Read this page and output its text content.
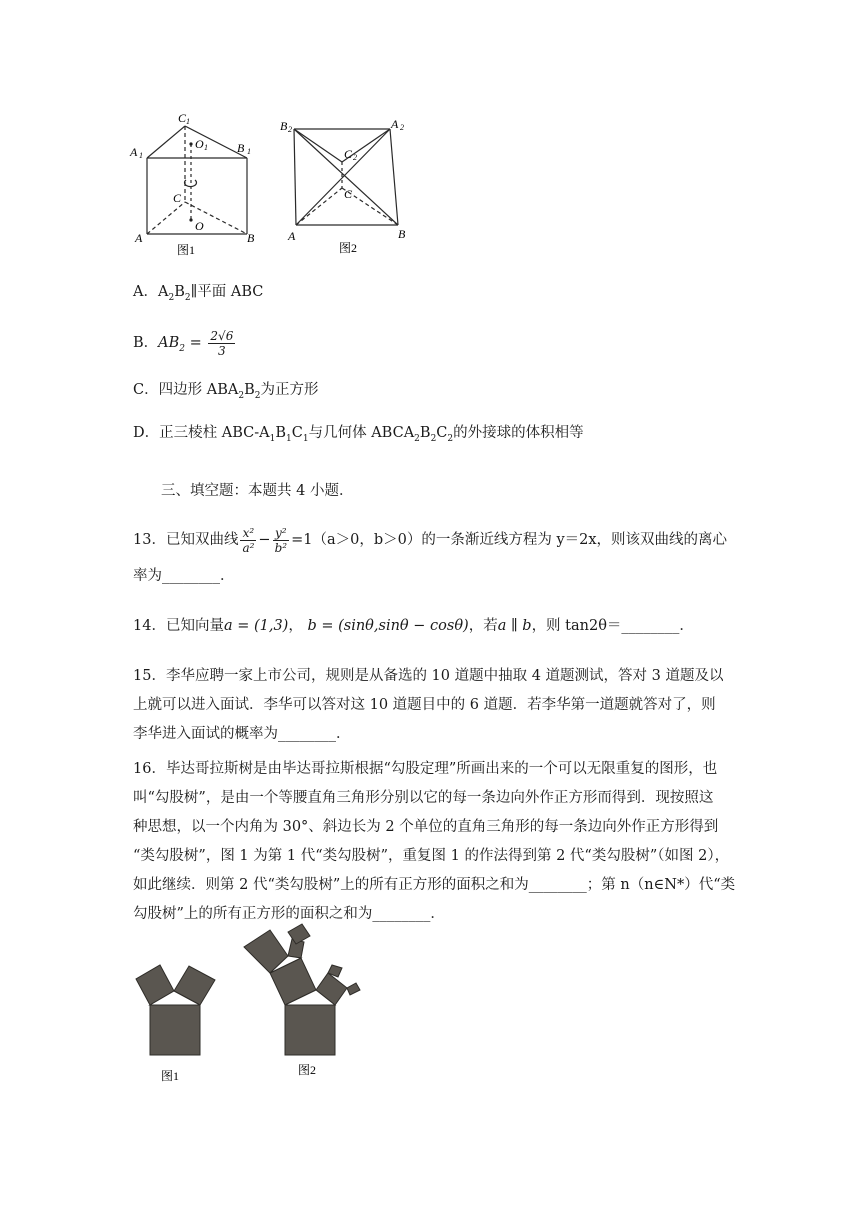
C 1
O 1
A 1
B 1
C
O
A	B
图1
B 2	A 2
C 2
C
A	B
图2
A．$A_2B_2\parallel$平面 ABC
B．$AB_2 = \frac{2√6}{3}$
C．四边形 $ABA_2B_2$为正方形
D．正三棱柱 ABC-$A_1B_1C_1$与几何体 $ABCA_2B_2C_2$的外接球的体积相等
三、填空题：本题共 4 小题．
13．已知双曲线 $\frac{\text{x²}}{\text{a²}} - \frac{\text{y²}}{\text{b²}} =1(a>0$，b＞0）的一条渐近线方程为 y＝2x，则该双曲线的离心
率为________．
14．已知向量a = (1,3)， b = (sinθ,sinθ − cosθ)，若a ∥ b，则 tan2θ＝________．
15．李华应聘一家上市公司，规则是从备选的 10 道题中抽取 4 道题测试，答对 3 道题及以
上就可以进入面试．李华可以答对这 10 道题目中的 6 道题．若李华第一道题就答对了，则
李华进入面试的概率为________．
16．毕达哥拉斯树是由毕达哥拉斯根据“勾股定理”所画出来的一个可以无限重复的图形，也
叫“勾股树”，是由一个等腰直角三角形分别以它的每一条边向外作正方形而得到．现按照这
种思想，以一个内角为 30°、斜边长为 2 个单位的直角三角形的每一条边向外作正方形得到
“类勾股树”，图 1 为第 1 代“类勾股树”，重复图 1 的作法得到第 2 代“类勾股树”（如图 2），
如此继续．则第 2 代“类勾股树”上的所有正方形的面积之和为________；第 n（n∈N*）代“类
勾股树”上的所有正方形的面积之和为________．
图1	图2
